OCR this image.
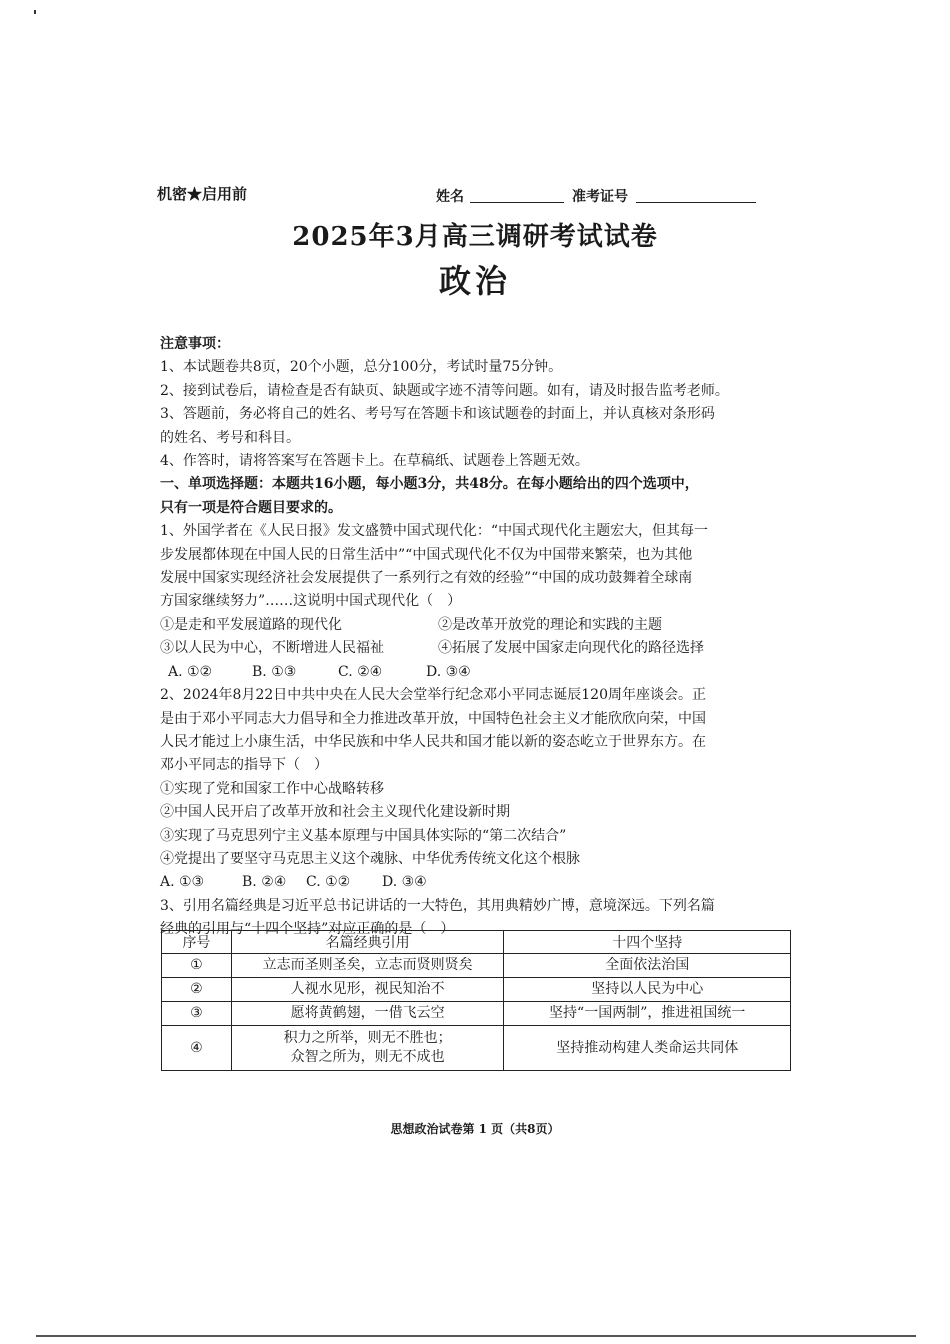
机密★启用前	姓名	准考证号
2025年3月高三调研考试试卷
政治
注意事项：
1、本试题卷共8页，20个小题，总分100分，考试时量75分钟。
2、接到试卷后，请检查是否有缺页、缺题或字迹不清等问题。如有，请及时报告监考老师。
3、答题前，务必将自己的姓名、考号写在答题卡和该试题卷的封面上，并认真核对条形码
的姓名、考号和科目。
4、作答时，请将答案写在答题卡上。在草稿纸、试题卷上答题无效。
一、单项选择题：本题共16小题，每小题3分，共48分。在每小题给出的四个选项中，
只有一项是符合题目要求的。
1、外国学者在《人民日报》发文盛赞中国式现代化：“中国式现代化主题宏大，但其每一
步发展都体现在中国人民的日常生活中”“中国式现代化不仅为中国带来繁荣，也为其他
发展中国家实现经济社会发展提供了一系列行之有效的经验”“中国的成功鼓舞着全球南
方国家继续努力”……这说明中国式现代化（　）
①是走和平发展道路的现代化	②是改革开放党的理论和实践的主题
③以人民为中心，不断增进人民福祉	④拓展了发展中国家走向现代化的路径选择
A. ①②	B. ①③	C. ②④	D. ③④
2、2024年8月22日中共中央在人民大会堂举行纪念邓小平同志诞辰120周年座谈会。正
是由于邓小平同志大力倡导和全力推进改革开放，中国特色社会主义才能欣欣向荣，中国
人民才能过上小康生活，中华民族和中华人民共和国才能以新的姿态屹立于世界东方。在
邓小平同志的指导下（　）
①实现了党和国家工作中心战略转移
②中国人民开启了改革开放和社会主义现代化建设新时期
③实现了马克思列宁主义基本原理与中国具体实际的“第二次结合”
④党提出了要坚守马克思主义这个魂脉、中华优秀传统文化这个根脉
A. ①③	B. ②④ C. ①② D. ③④
3、引用名篇经典是习近平总书记讲话的一大特色，其用典精妙广博，意境深远。下列名篇
经典的引用与“十四个坚持”对应正确的是（　）
序号	名篇经典引用	十四个坚持
①	立志而圣则圣矣，立志而贤则贤矣	全面依法治国
②	人视水见形，视民知治不	坚持以人民为中心
③	愿将黄鹤翅，一借飞云空	坚持“一国两制”，推进祖国统一
④	积力之所举，则无不胜也；
众智之所为，则无不成也	坚持推动构建人类命运共同体
思想政治试卷第 1 页（共8页）
